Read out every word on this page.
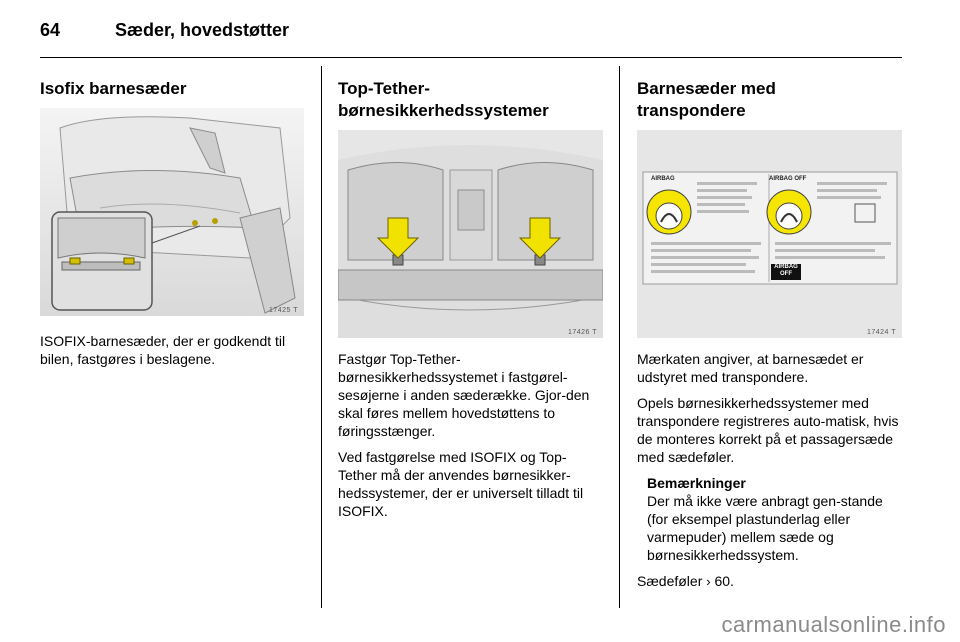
64	Sæder, hovedstøtter
Isofix barnesæder
17425 T

ISOFIX-barnesæder, der er godkendt til bilen, fastgøres i beslagene.

Top-Tether-
børnesikkerhedssystemer
17426 T

Fastgør Top-Tether-børnesikkerhedssystemet i fastgørel-sesøjerne i anden sæderække. Gjor-den skal føres mellem hovedstøttens to føringsstænger.

Ved fastgørelse med ISOFIX og Top-Tether må der anvendes børnesikker-hedssystemer, der er universelt tilladt til ISOFIX.

Barnesæder med
transpondere
AIRBAG	AIRBAG OFF
AIRBAG
OFF
17424 T

Mærkaten angiver, at barnesædet er udstyret med transpondere.

Opels børnesikkerhedssystemer med transpondere registreres auto-matisk, hvis de monteres korrekt på et passagersæde med sædeføler.

Bemærkninger

Der må ikke være anbragt gen-stande (for eksempel plastunderlag eller varmepuder) mellem sæde og børnesikkerhedssystem.

Sædeføler › 60.

carmanualsonline.info
